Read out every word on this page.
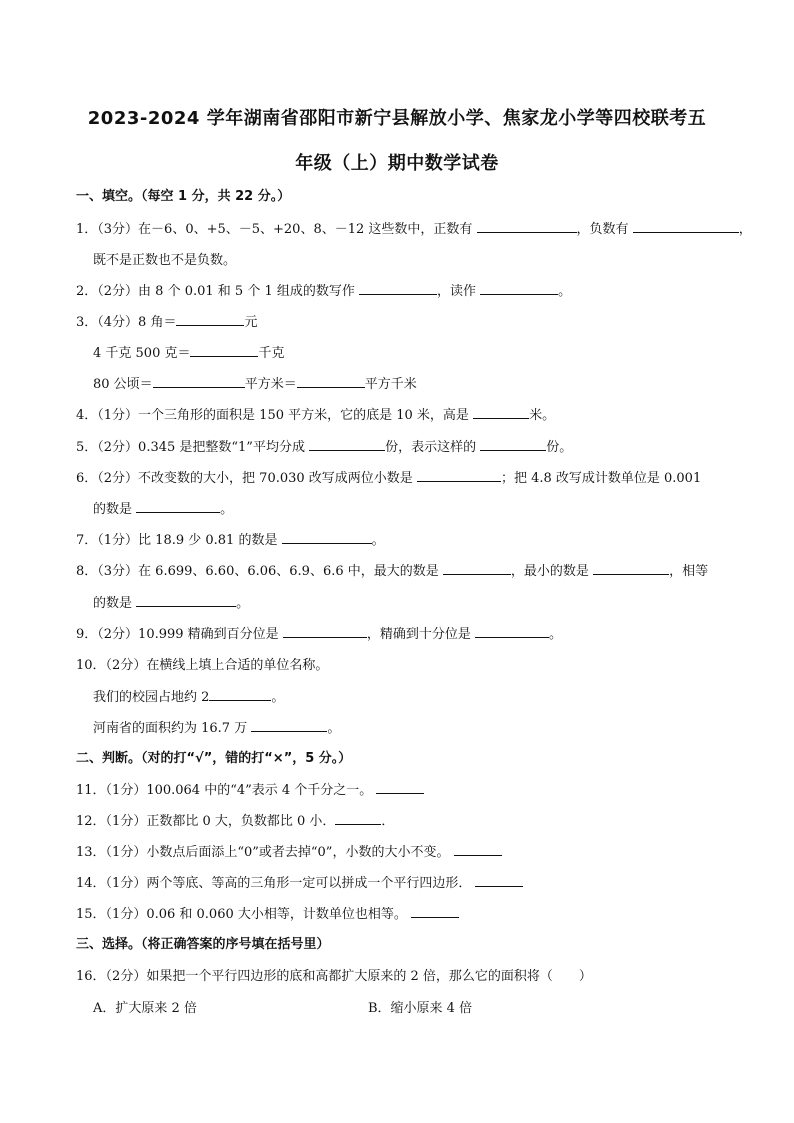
2023-2024 学年湖南省邵阳市新宁县解放小学、焦家龙小学等四校联考五
年级（上）期中数学试卷
一、填空。（每空 1 分，共 22 分。）
1．（3分）在－6、0、+5、－5、+20、8、－12 这些数中，正数有	，负数有	，
既不是正数也不是负数。
2．（2分）由 8 个 0.01 和 5 个 1 组成的数写作	，读作	。
3．（4分）8 角＝	元
4 千克 500 克＝	千克
80 公顷＝	平方米＝	平方千米
4．（1分）一个三角形的面积是 150 平方米，它的底是 10 米，高是	米。
5．（2分）0.345 是把整数“1”平均分成	份，表示这样的	份。
6．（2分）不改变数的大小，把 70.030 改写成两位小数是	；把 4.8 改写成计数单位是 0.001
的数是	。
7．（1分）比 18.9 少 0.81 的数是	。
8．（3分）在 6.699、6.60、6.06、6.9、6.6 中，最大的数是	，最小的数是	，相等
的数是	。
9．（2分）10.999 精确到百分位是	，精确到十分位是	。
10．（2分）在横线上填上合适的单位名称。
我们的校园占地约 2	。
河南省的面积约为 16.7 万	。
二、判断。（对的打“√”，错的打“×”，5 分。）
11．（1分）100.064 中的“4”表示 4 个千分之一。
12．（1分）正数都比 0 大，负数都比 0 小．	．
13．（1分）小数点后面添上“0”或者去掉“0”，小数的大小不变。
14．（1分）两个等底、等高的三角形一定可以拼成一个平行四边形．
15．（1分）0.06 和 0.060 大小相等，计数单位也相等。
三、选择。（将正确答案的序号填在括号里）
16．（2分）如果把一个平行四边形的底和高都扩大原来的 2 倍，那么它的面积将（　　）
A．扩大原来 2 倍	B．缩小原来 4 倍
